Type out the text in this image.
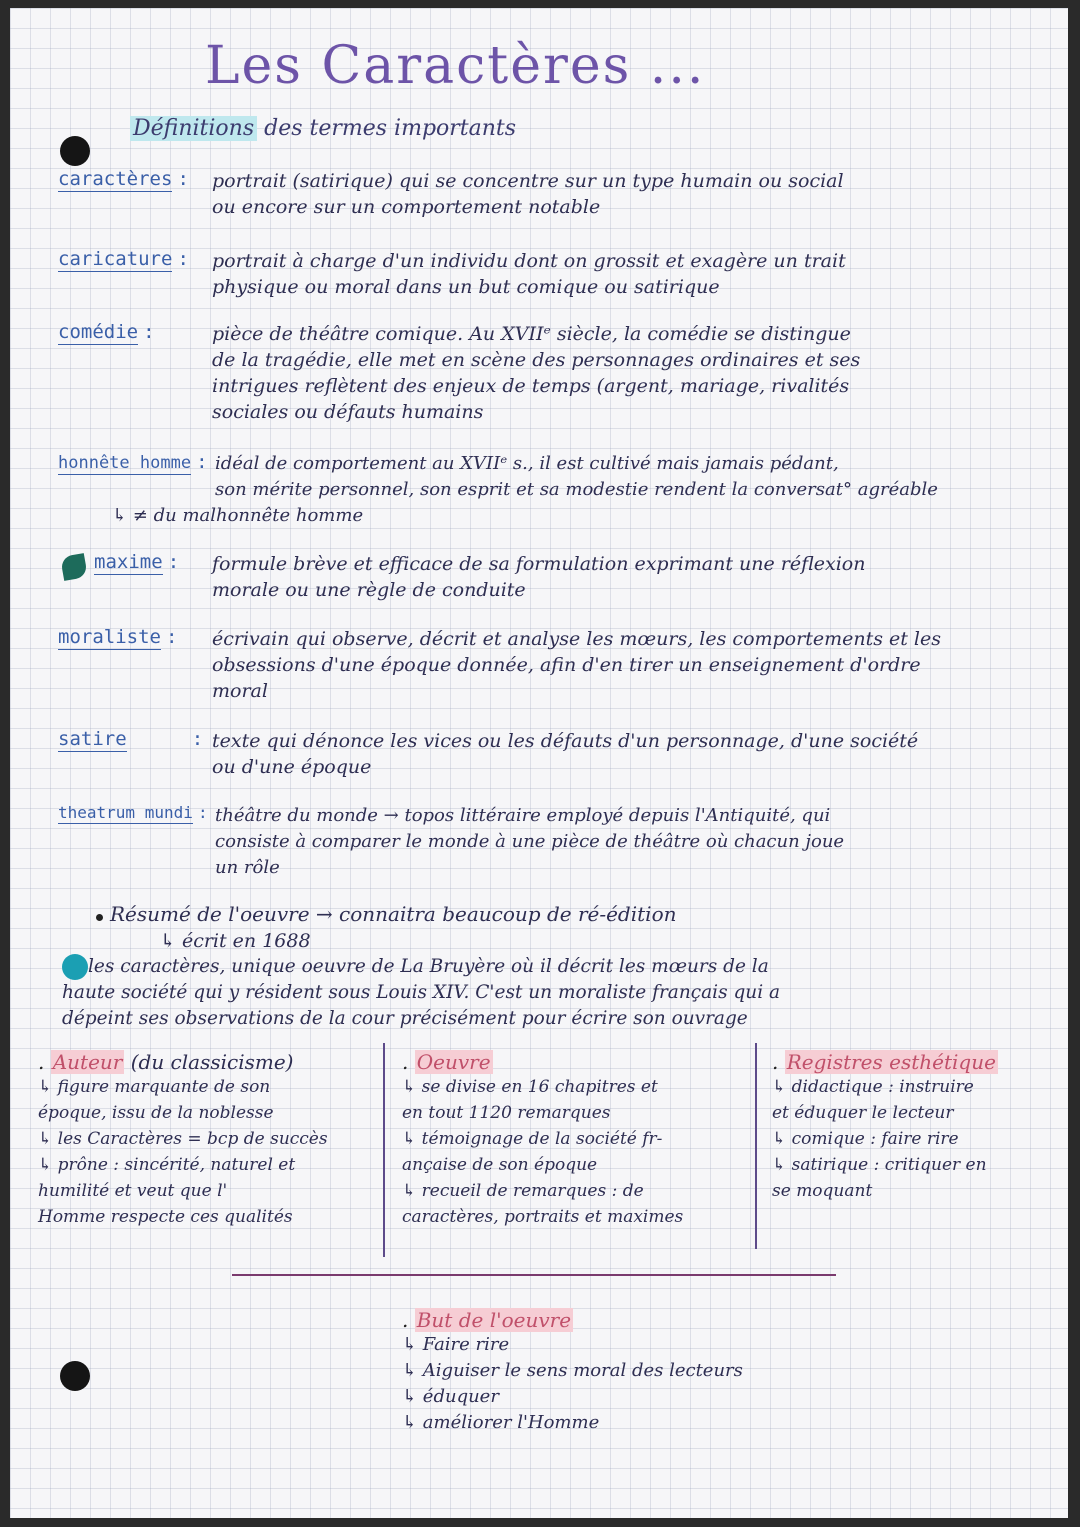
Les Caractères ...
Définitions des termes importants
caractères : portrait (satirique) qui se concentre sur un type humain ou social
ou encore sur un comportement notable
caricature : portrait à charge d'un individu dont on grossit et exagère un trait
physique ou moral dans un but comique ou satirique
comédie :	pièce de théâtre comique. Au XVIIᵉ siècle, la comédie se distingue
de la tragédie, elle met en scène des personnages ordinaires et ses
intrigues reflètent des enjeux de temps (argent, mariage, rivalités
sociales ou défauts humains
honnête homme : idéal de comportement au XVIIᵉ s., il est cultivé mais jamais pédant,
son mérite personnel, son esprit et sa modestie rendent la conversat° agréable
↳ ≠ du malhonnête homme
maxime : formule brève et efficace de sa formulation exprimant une réflexion
morale ou une règle de conduite
moraliste : écrivain qui observe, décrit et analyse les mœurs, les comportements et les
obsessions d'une époque donnée, afin d'en tirer un enseignement d'ordre
moral
satire	: texte qui dénonce les vices ou les défauts d'un personnage, d'une société
ou d'une époque
theatrum mundi : théâtre du monde → topos littéraire employé depuis l'Antiquité, qui
consiste à comparer le monde à une pièce de théâtre où chacun joue
un rôle
Résumé de l'oeuvre → connaitra beaucoup de ré-édition
↳ écrit en 1688
les caractères, unique oeuvre de La Bruyère où il décrit les mœurs de la
haute société qui y résident sous Louis XIV. C'est un moraliste français qui a
dépeint ses observations de la cour précisément pour écrire son ouvrage
. Auteur (du classicisme)
↳ figure marquante de son
époque, issu de la noblesse
↳ les Caractères = bcp de succès
↳ prône : sincérité, naturel et
humilité et veut que l'
Homme respecte ces qualités
. Oeuvre
↳ se divise en 16 chapitres et
en tout 1120 remarques
↳ témoignage de la société fr-
ançaise de son époque
↳ recueil de remarques : de
caractères, portraits et maximes
. Registres esthétique
↳ didactique : instruire
et éduquer le lecteur
↳ comique : faire rire
↳ satirique : critiquer en
se moquant
. But de l'oeuvre
↳ Faire rire
↳ Aiguiser le sens moral des lecteurs
↳ éduquer
↳ améliorer l'Homme
